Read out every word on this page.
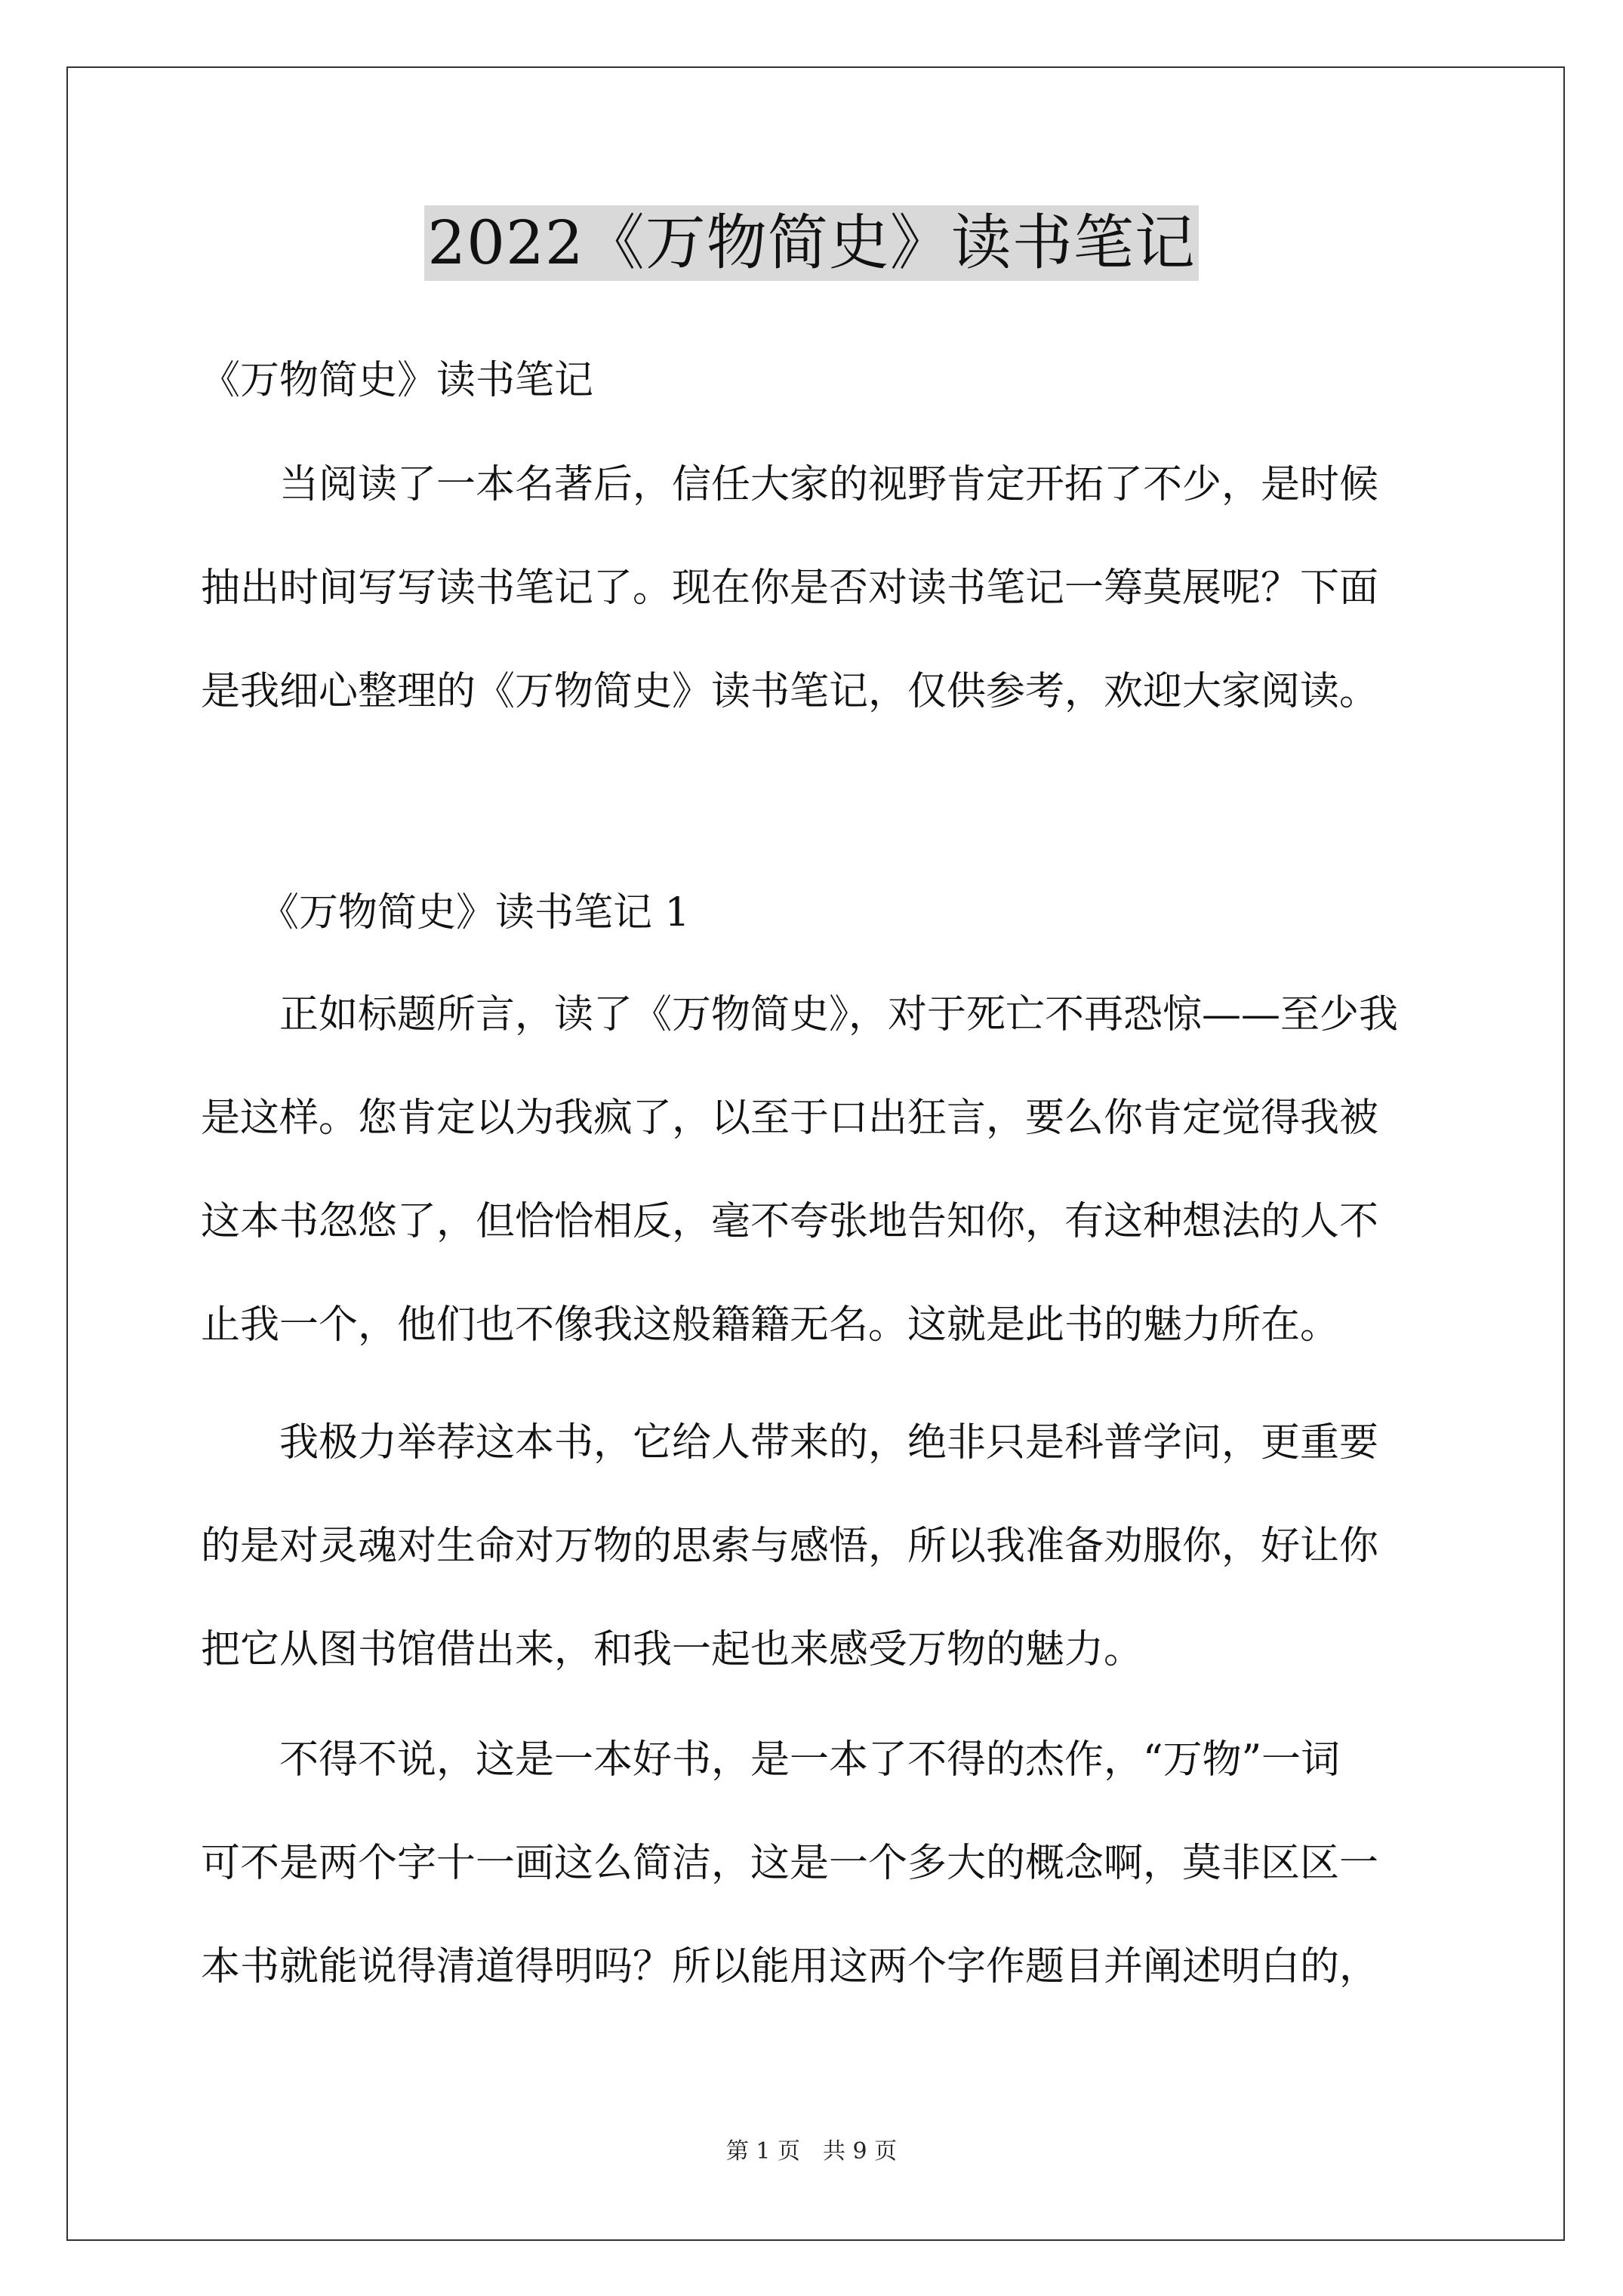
2022《万物简史》读书笔记

《万物简史》读书笔记

　　当阅读了一本名著后，信任大家的视野肯定开拓了不少，是时候
抽出时间写写读书笔记了。现在你是否对读书笔记一筹莫展呢？下面
是我细心整理的《万物简史》读书笔记，仅供参考，欢迎大家阅读。

　　《万物简史》读书笔记 1

　　正如标题所言，读了《万物简史》，对于死亡不再恐惊——至少我
是这样。您肯定以为我疯了，以至于口出狂言，要么你肯定觉得我被
这本书忽悠了，但恰恰相反，毫不夸张地告知你，有这种想法的人不
止我一个，他们也不像我这般籍籍无名。这就是此书的魅力所在。
　　我极力举荐这本书，它给人带来的，绝非只是科普学问，更重要
的是对灵魂对生命对万物的思索与感悟，所以我准备劝服你，好让你
把它从图书馆借出来，和我一起也来感受万物的魅力。
　　不得不说，这是一本好书，是一本了不得的杰作，“万物”一词
可不是两个字十一画这么简洁，这是一个多大的概念啊，莫非区区一
本书就能说得清道得明吗？所以能用这两个字作题目并阐述明白的，
第 1 页 共 9 页
